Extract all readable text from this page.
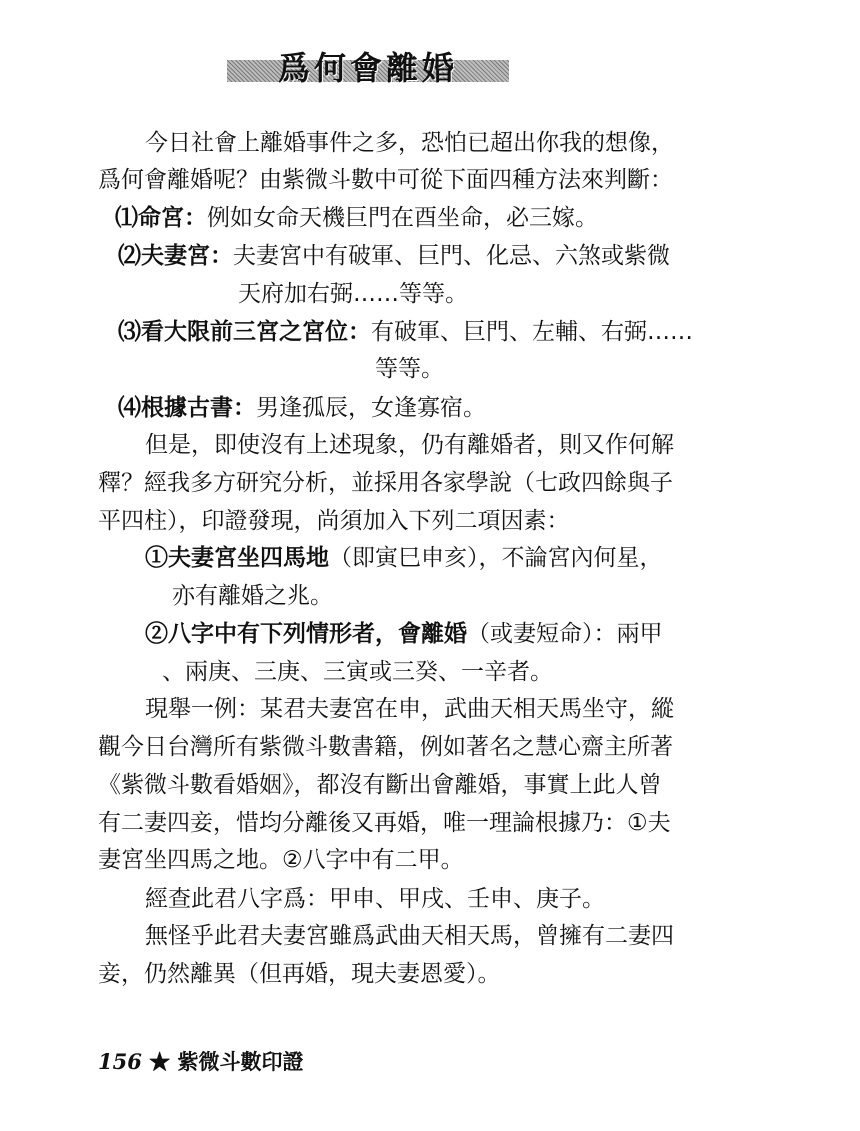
爲何會離婚
今日社會上離婚事件之多，恐怕已超出你我的想像，
爲何會離婚呢？由紫微斗數中可從下面四種方法來判斷：
⑴命宮：例如女命天機巨門在酉坐命，必三嫁。
⑵夫妻宮：夫妻宮中有破軍、巨門、化忌、六煞或紫微
天府加右弼……等等。
⑶看大限前三宮之宮位：有破軍、巨門、左輔、右弼……
等等。
⑷根據古書：男逢孤辰，女逢寡宿。
但是，即使沒有上述現象，仍有離婚者，則又作何解
釋？經我多方研究分析，並採用各家學說（七政四餘與子
平四柱），印證發現，尚須加入下列二項因素：
①夫妻宮坐四馬地（即寅巳申亥），不論宮內何星，
亦有離婚之兆。
②八字中有下列情形者，會離婚（或妻短命）：兩甲
、兩庚、三庚、三寅或三癸、一辛者。
現舉一例：某君夫妻宮在申，武曲天相天馬坐守，縱
觀今日台灣所有紫微斗數書籍，例如著名之慧心齋主所著
《紫微斗數看婚姻》，都沒有斷出會離婚，事實上此人曾
有二妻四妾，惜均分離後又再婚，唯一理論根據乃：①夫
妻宮坐四馬之地。②八字中有二甲。
經查此君八字爲：甲申、甲戌、壬申、庚子。
無怪乎此君夫妻宮雖爲武曲天相天馬，曾擁有二妻四
妾，仍然離異（但再婚，現夫妻恩愛）。
156 ★ 紫微斗數印證
